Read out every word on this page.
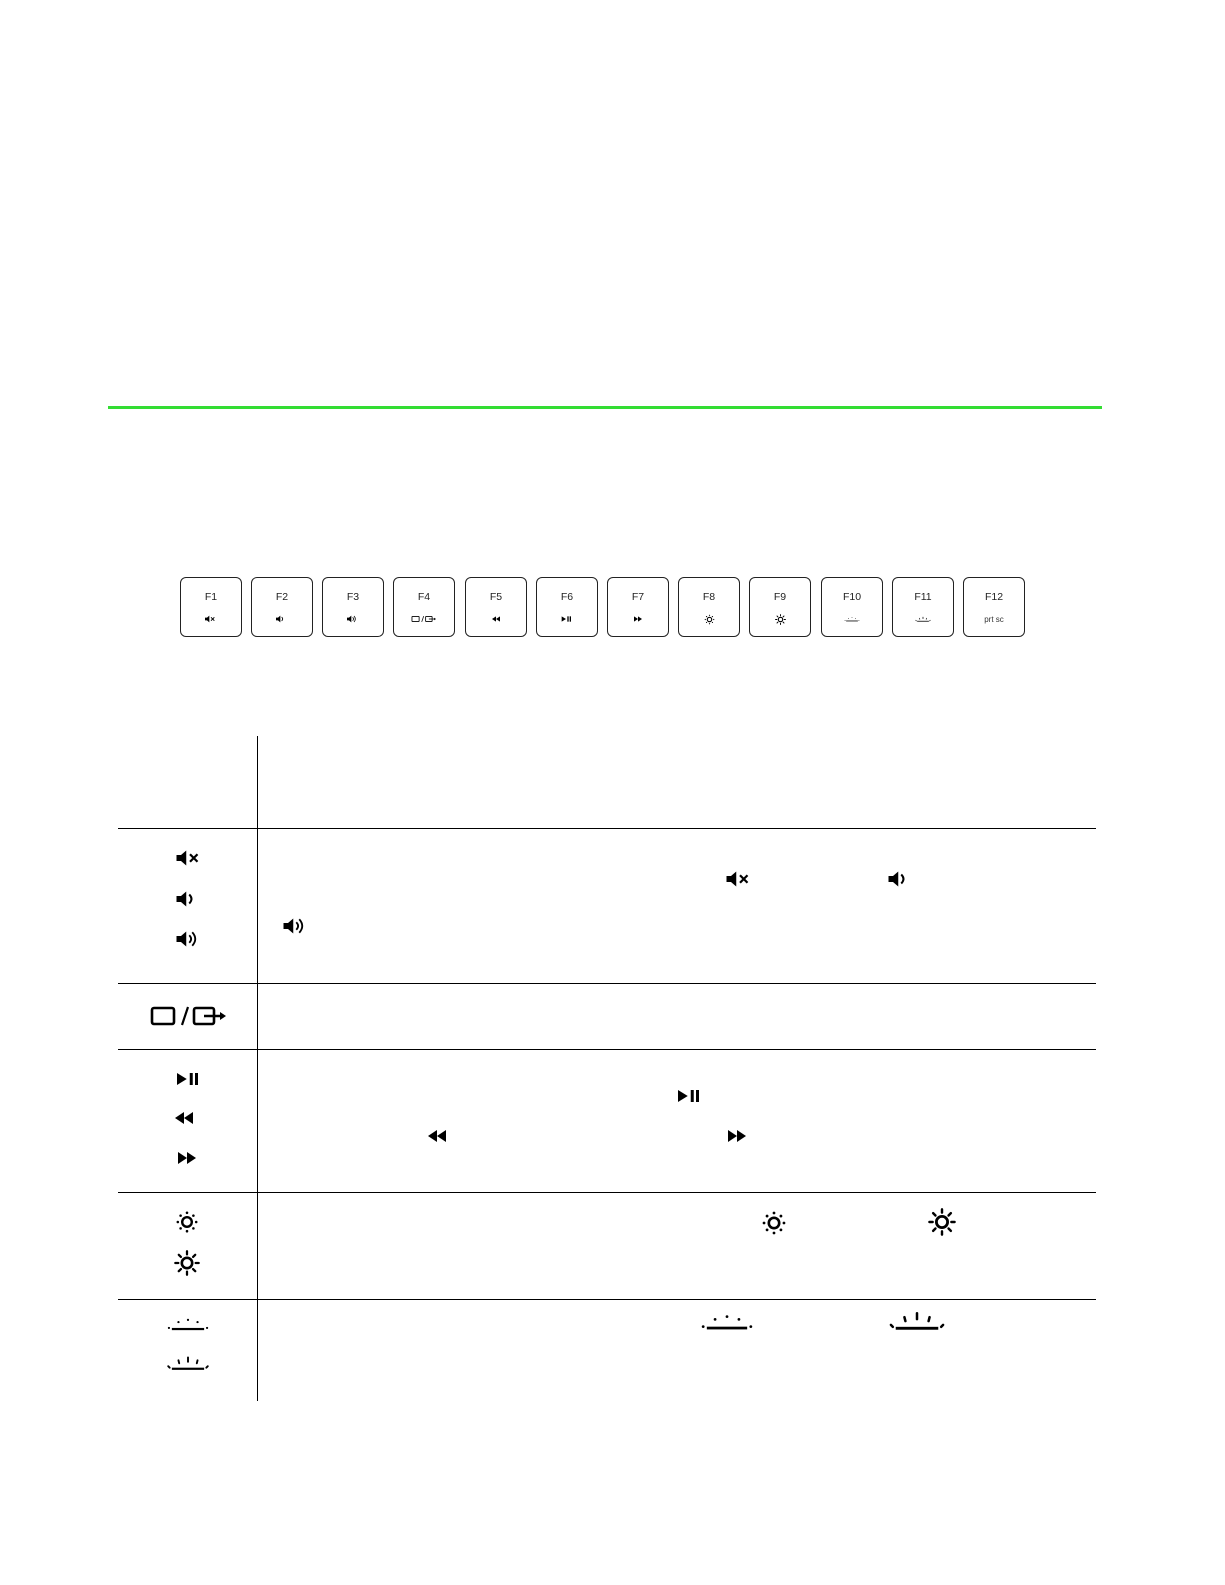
F1	F2	F3	F4	F5	F6	F7	F8	F9	F10	F11	F12
prt sc
